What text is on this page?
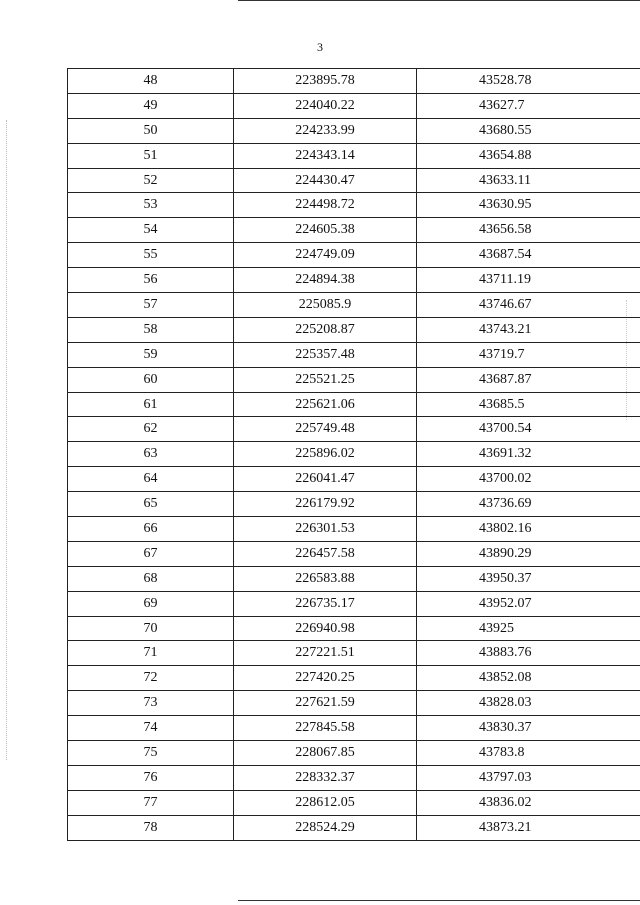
3
48	223895.78	43528.78
49	224040.22	43627.7
50	224233.99	43680.55
51	224343.14	43654.88
52	224430.47	43633.11
53	224498.72	43630.95
54	224605.38	43656.58
55	224749.09	43687.54
56	224894.38	43711.19
57	225085.9	43746.67
58	225208.87	43743.21
59	225357.48	43719.7
60	225521.25	43687.87
61	225621.06	43685.5
62	225749.48	43700.54
63	225896.02	43691.32
64	226041.47	43700.02
65	226179.92	43736.69
66	226301.53	43802.16
67	226457.58	43890.29
68	226583.88	43950.37
69	226735.17	43952.07
70	226940.98	43925
71	227221.51	43883.76
72	227420.25	43852.08
73	227621.59	43828.03
74	227845.58	43830.37
75	228067.85	43783.8
76	228332.37	43797.03
77	228612.05	43836.02
78	228524.29	43873.21
